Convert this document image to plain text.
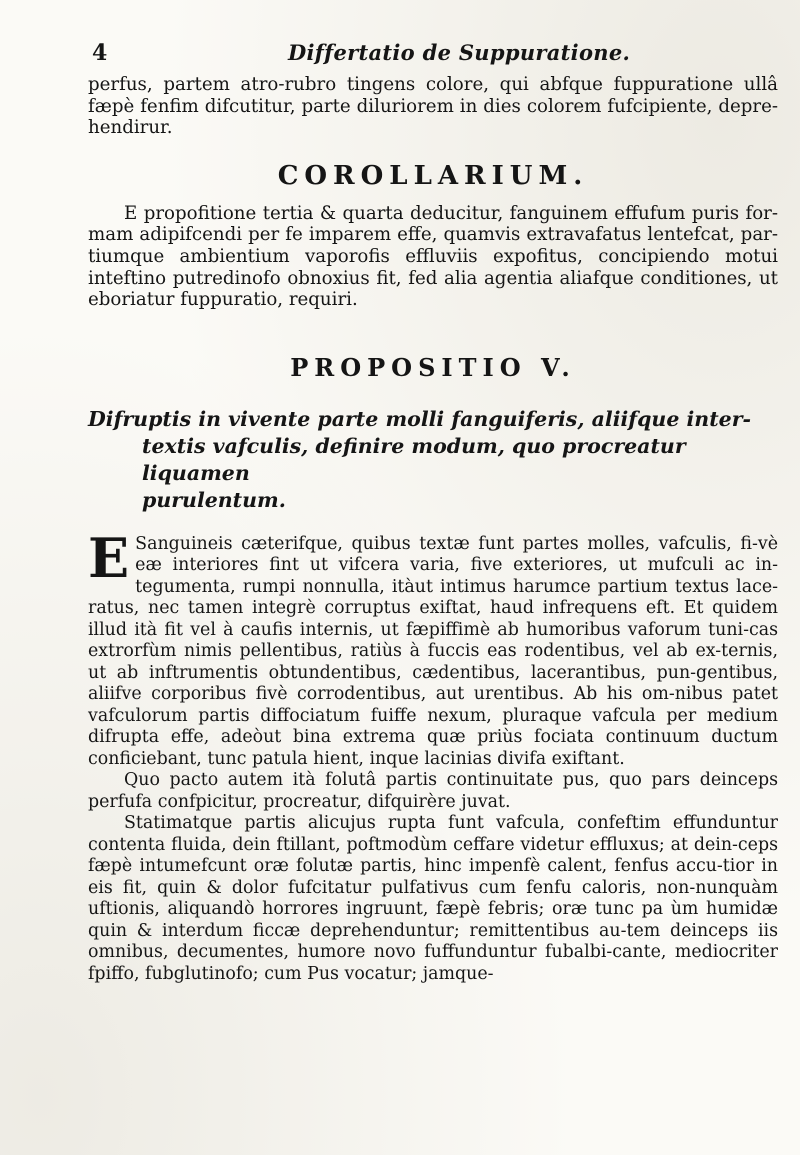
4	Differtatio de Suppuratione.

perfus, partem atro-rubro tingens colore, qui abfque fuppuratione ullâ fæpè fenfim difcutitur, parte diluriorem in dies colorem fufcipiente, depre-hendirur.

COROLLARIUM.

E propofitione tertia & quarta deducitur, fanguinem effufum puris for-mam adipifcendi per fe imparem effe, quamvis extravafatus lentefcat, par-tiumque ambientium vaporofis effluviis expofitus, concipiendo motui inteftino putredinofo obnoxius fit, fed alia agentia aliafque conditiones, ut eboriatur fuppuratio, requiri.

PROPOSITIO V.
Difruptis in vivente parte molli fanguiferis, aliifque inter-
textis vafculis, definire modum, quo procreatur liquamen
purulentum.

ESanguineis cæterifque, quibus textæ funt partes molles, vafculis, fi-vè eæ interiores fint ut vifcera varia, five exteriores, ut mufculi ac in-tegumenta, rumpi nonnulla, itàut intimus harumce partium textus lace-ratus, nec tamen integrè corruptus exiftat, haud infrequens eft. Et quidem illud ità fit vel à caufis internis, ut fæpiffimè ab humoribus vaforum tuni-cas extrorfùm nimis pellentibus, ratiùs à fuccis eas rodentibus, vel ab ex-ternis, ut ab inftrumentis obtundentibus, cædentibus, lacerantibus, pun-gentibus, aliifve corporibus fivè corrodentibus, aut urentibus. Ab his om-nibus patet vafculorum partis diffociatum fuiffe nexum, pluraque vafcula per medium difrupta effe, adeòut bina extrema quæ priùs fociata continuum ductum conficiebant, tunc patula hient, inque lacinias divifa exiftant.

Quo pacto autem ità folutâ partis continuitate pus, quo pars deinceps perfufa confpicitur, procreatur, difquirère juvat.

Statimatque partis alicujus rupta funt vafcula, confeftim effunduntur contenta fluida, dein ftillant, poftmodùm ceffare videtur effluxus; at dein-ceps fæpè intumefcunt oræ folutæ partis, hinc impenfè calent, fenfus accu-tior in eis fit, quin & dolor fufcitatur pulfativus cum fenfu caloris, non-nunquàm uftionis, aliquandò horrores ingruunt, fæpè febris; oræ tunc pa ùm humidæ quin & interdum ficcæ deprehenduntur; remittentibus au-tem deinceps iis omnibus, decumentes, humore novo fuffunduntur fubalbi-cante, mediocriter fpiffo, fubglutinofo; cum Pus vocatur; jamque-
